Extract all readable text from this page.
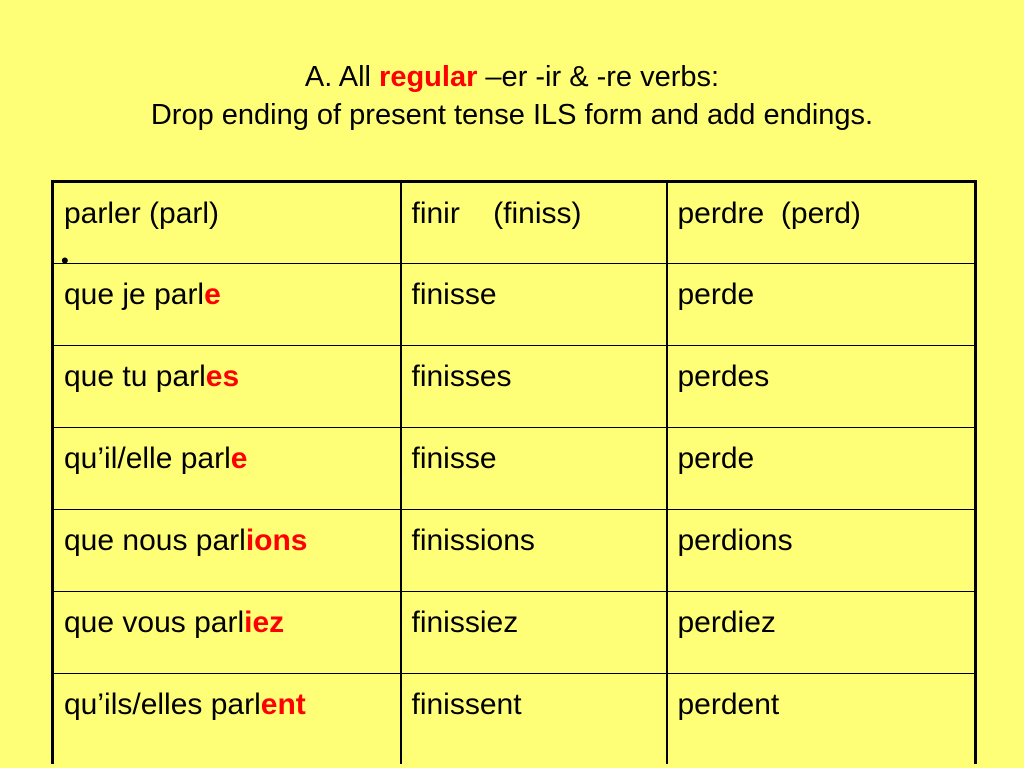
A. All regular –er -ir & -re verbs:
Drop ending of present tense ILS form and add endings.
parler (parl)	finir    (finiss)	perdre  (perd)

que je parle	finisse	perde

que tu parles	finisses	perdes

qu’il/elle parle	finisse	perde

que nous parlions	finissions	perdions

que vous parliez	finissiez	perdiez

qu’ils/elles parlent	finissent	perdent
•
